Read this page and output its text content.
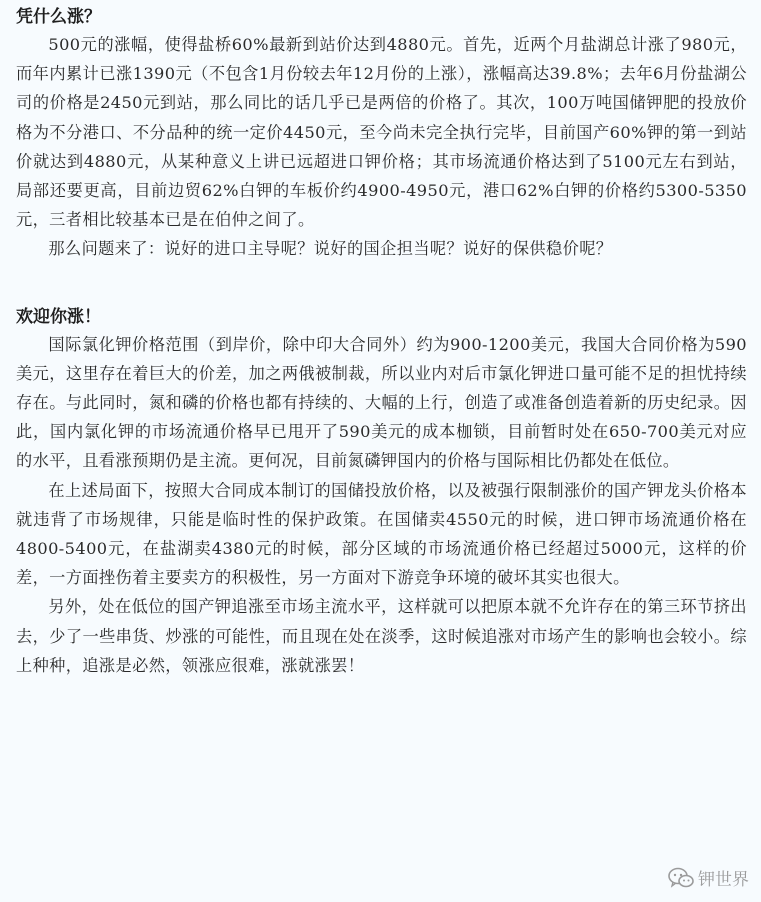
凭什么涨？

500元的涨幅，使得盐桥60%最新到站价达到4880元。首先，近两个月盐湖总计涨了980元，而年内累计已涨1390元（不包含1月份较去年12月份的上涨），涨幅高达39.8%；去年6月份盐湖公司的价格是2450元到站，那么同比的话几乎已是两倍的价格了。其次，100万吨国储钾肥的投放价格为不分港口、不分品种的统一定价4450元，至今尚未完全执行完毕，目前国产60%钾的第一到站价就达到4880元，从某种意义上讲已远超进口钾价格；其市场流通价格达到了5100元左右到站，局部还要更高，目前边贸62%白钾的车板价约4900-4950元，港口62%白钾的价格约5300-5350元，三者相比较基本已是在伯仲之间了。

那么问题来了：说好的进口主导呢？说好的国企担当呢？说好的保供稳价呢？

欢迎你涨！

国际氯化钾价格范围（到岸价，除中印大合同外）约为900-1200美元，我国大合同价格为590美元，这里存在着巨大的价差，加之两俄被制裁，所以业内对后市氯化钾进口量可能不足的担忧持续存在。与此同时，氮和磷的价格也都有持续的、大幅的上行，创造了或准备创造着新的历史纪录。因此，国内氯化钾的市场流通价格早已甩开了590美元的成本枷锁，目前暂时处在650-700美元对应的水平，且看涨预期仍是主流。更何况，目前氮磷钾国内的价格与国际相比仍都处在低位。

在上述局面下，按照大合同成本制订的国储投放价格，以及被强行限制涨价的国产钾龙头价格本就违背了市场规律，只能是临时性的保护政策。在国储卖4550元的时候，进口钾市场流通价格在4800-5400元，在盐湖卖4380元的时候，部分区域的市场流通价格已经超过5000元，这样的价差，一方面挫伤着主要卖方的积极性，另一方面对下游竞争环境的破坏其实也很大。

另外，处在低位的国产钾追涨至市场主流水平，这样就可以把原本就不允许存在的第三环节挤出去，少了一些串货、炒涨的可能性，而且现在处在淡季，这时候追涨对市场产生的影响也会较小。综上种种，追涨是必然，领涨应很难，涨就涨罢！

钾世界
